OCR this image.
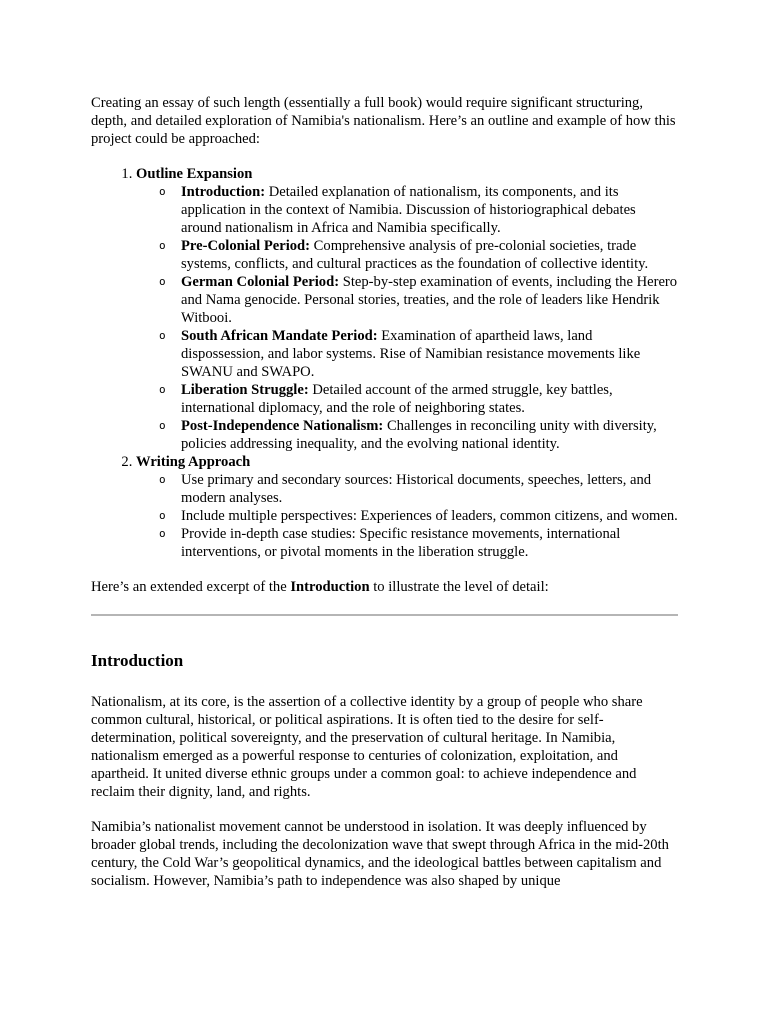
Creating an essay of such length (essentially a full book) would require significant structuring, depth, and detailed exploration of Namibia's nationalism. Here’s an outline and example of how this project could be approached:

1. Outline Expansion
o Introduction: Detailed explanation of nationalism, its components, and its application in the context of Namibia. Discussion of historiographical debates around nationalism in Africa and Namibia specifically.
o Pre-Colonial Period: Comprehensive analysis of pre-colonial societies, trade systems, conflicts, and cultural practices as the foundation of collective identity.
o German Colonial Period: Step-by-step examination of events, including the Herero and Nama genocide. Personal stories, treaties, and the role of leaders like Hendrik Witbooi.
o South African Mandate Period: Examination of apartheid laws, land dispossession, and labor systems. Rise of Namibian resistance movements like SWANU and SWAPO.
o Liberation Struggle: Detailed account of the armed struggle, key battles, international diplomacy, and the role of neighboring states.
o Post-Independence Nationalism: Challenges in reconciling unity with diversity, policies addressing inequality, and the evolving national identity.
2. Writing Approach
o Use primary and secondary sources: Historical documents, speeches, letters, and modern analyses.
o Include multiple perspectives: Experiences of leaders, common citizens, and women.
o Provide in-depth case studies: Specific resistance movements, international interventions, or pivotal moments in the liberation struggle.

Here’s an extended excerpt of the Introduction to illustrate the level of detail:

Introduction

Nationalism, at its core, is the assertion of a collective identity by a group of people who share common cultural, historical, or political aspirations. It is often tied to the desire for self-determination, political sovereignty, and the preservation of cultural heritage. In Namibia, nationalism emerged as a powerful response to centuries of colonization, exploitation, and apartheid. It united diverse ethnic groups under a common goal: to achieve independence and reclaim their dignity, land, and rights.

Namibia’s nationalist movement cannot be understood in isolation. It was deeply influenced by broader global trends, including the decolonization wave that swept through Africa in the mid-20th century, the Cold War’s geopolitical dynamics, and the ideological battles between capitalism and socialism. However, Namibia’s path to independence was also shaped by unique
